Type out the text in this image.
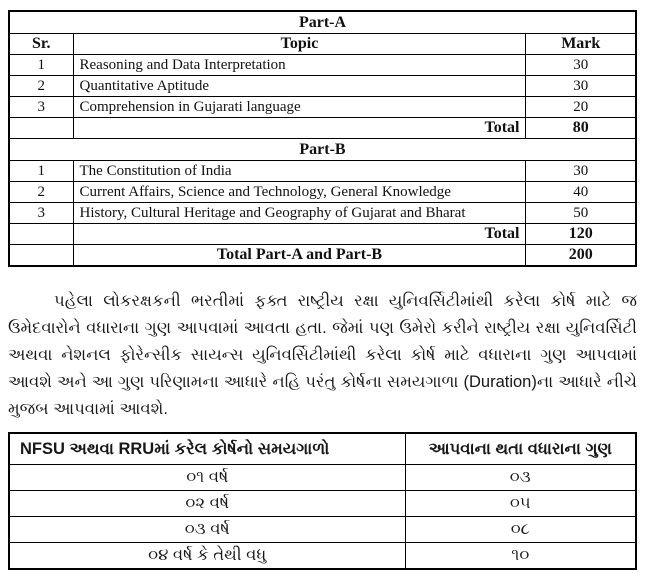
Part-A		
Sr.	Topic	Mark
1	Reasoning and Data Interpretation	30
2	Quantitative Aptitude	30
3	Comprehension in Gujarati language	20
	Total	80
Part-B		
1	The Constitution of India	30
2	Current Affairs, Science and Technology, General Knowledge	40
3	History, Cultural Heritage and Geography of Gujarat and Bharat	50
	Total	120
	Total Part-A and Part-B	200

પહેલા લોકરક્ષકની ભરતીમાં ફક્ત રાષ્ટ્રીય રક્ષા યુનિવર્સિટીમાંથી કરેલા કોર્ષ માટે જ ઉમેદવારોને વધારાના ગુણ આપવામાં આવતા હતા. જેમાં પણ ઉમેરો કરીને રાષ્ટ્રીય રક્ષા યુનિવર્સિટી અથવા નેશનલ ફોરેન્સીક સાયન્સ યુનિવર્સિટીમાંથી કરેલા કોર્ષ માટે વધારાના ગુણ આપવામાં આવશે અને આ ગુણ પરિણામના આધારે નહિ પરંતુ કોર્ષના સમયગાળા (Duration)ના આધારે નીચે મુજબ આપવામાં આવશે.

NFSU અથવા RRUમાં કરેલ કોર્ષનો સમયગાળો	આપવાના થતા વધારાના ગુણ
૦૧ વર્ષ	૦૩
૦૨ વર્ષ	૦૫
૦૩ વર્ષ	૦૮
૦૪ વર્ષ કે તેથી વધુ	૧૦
